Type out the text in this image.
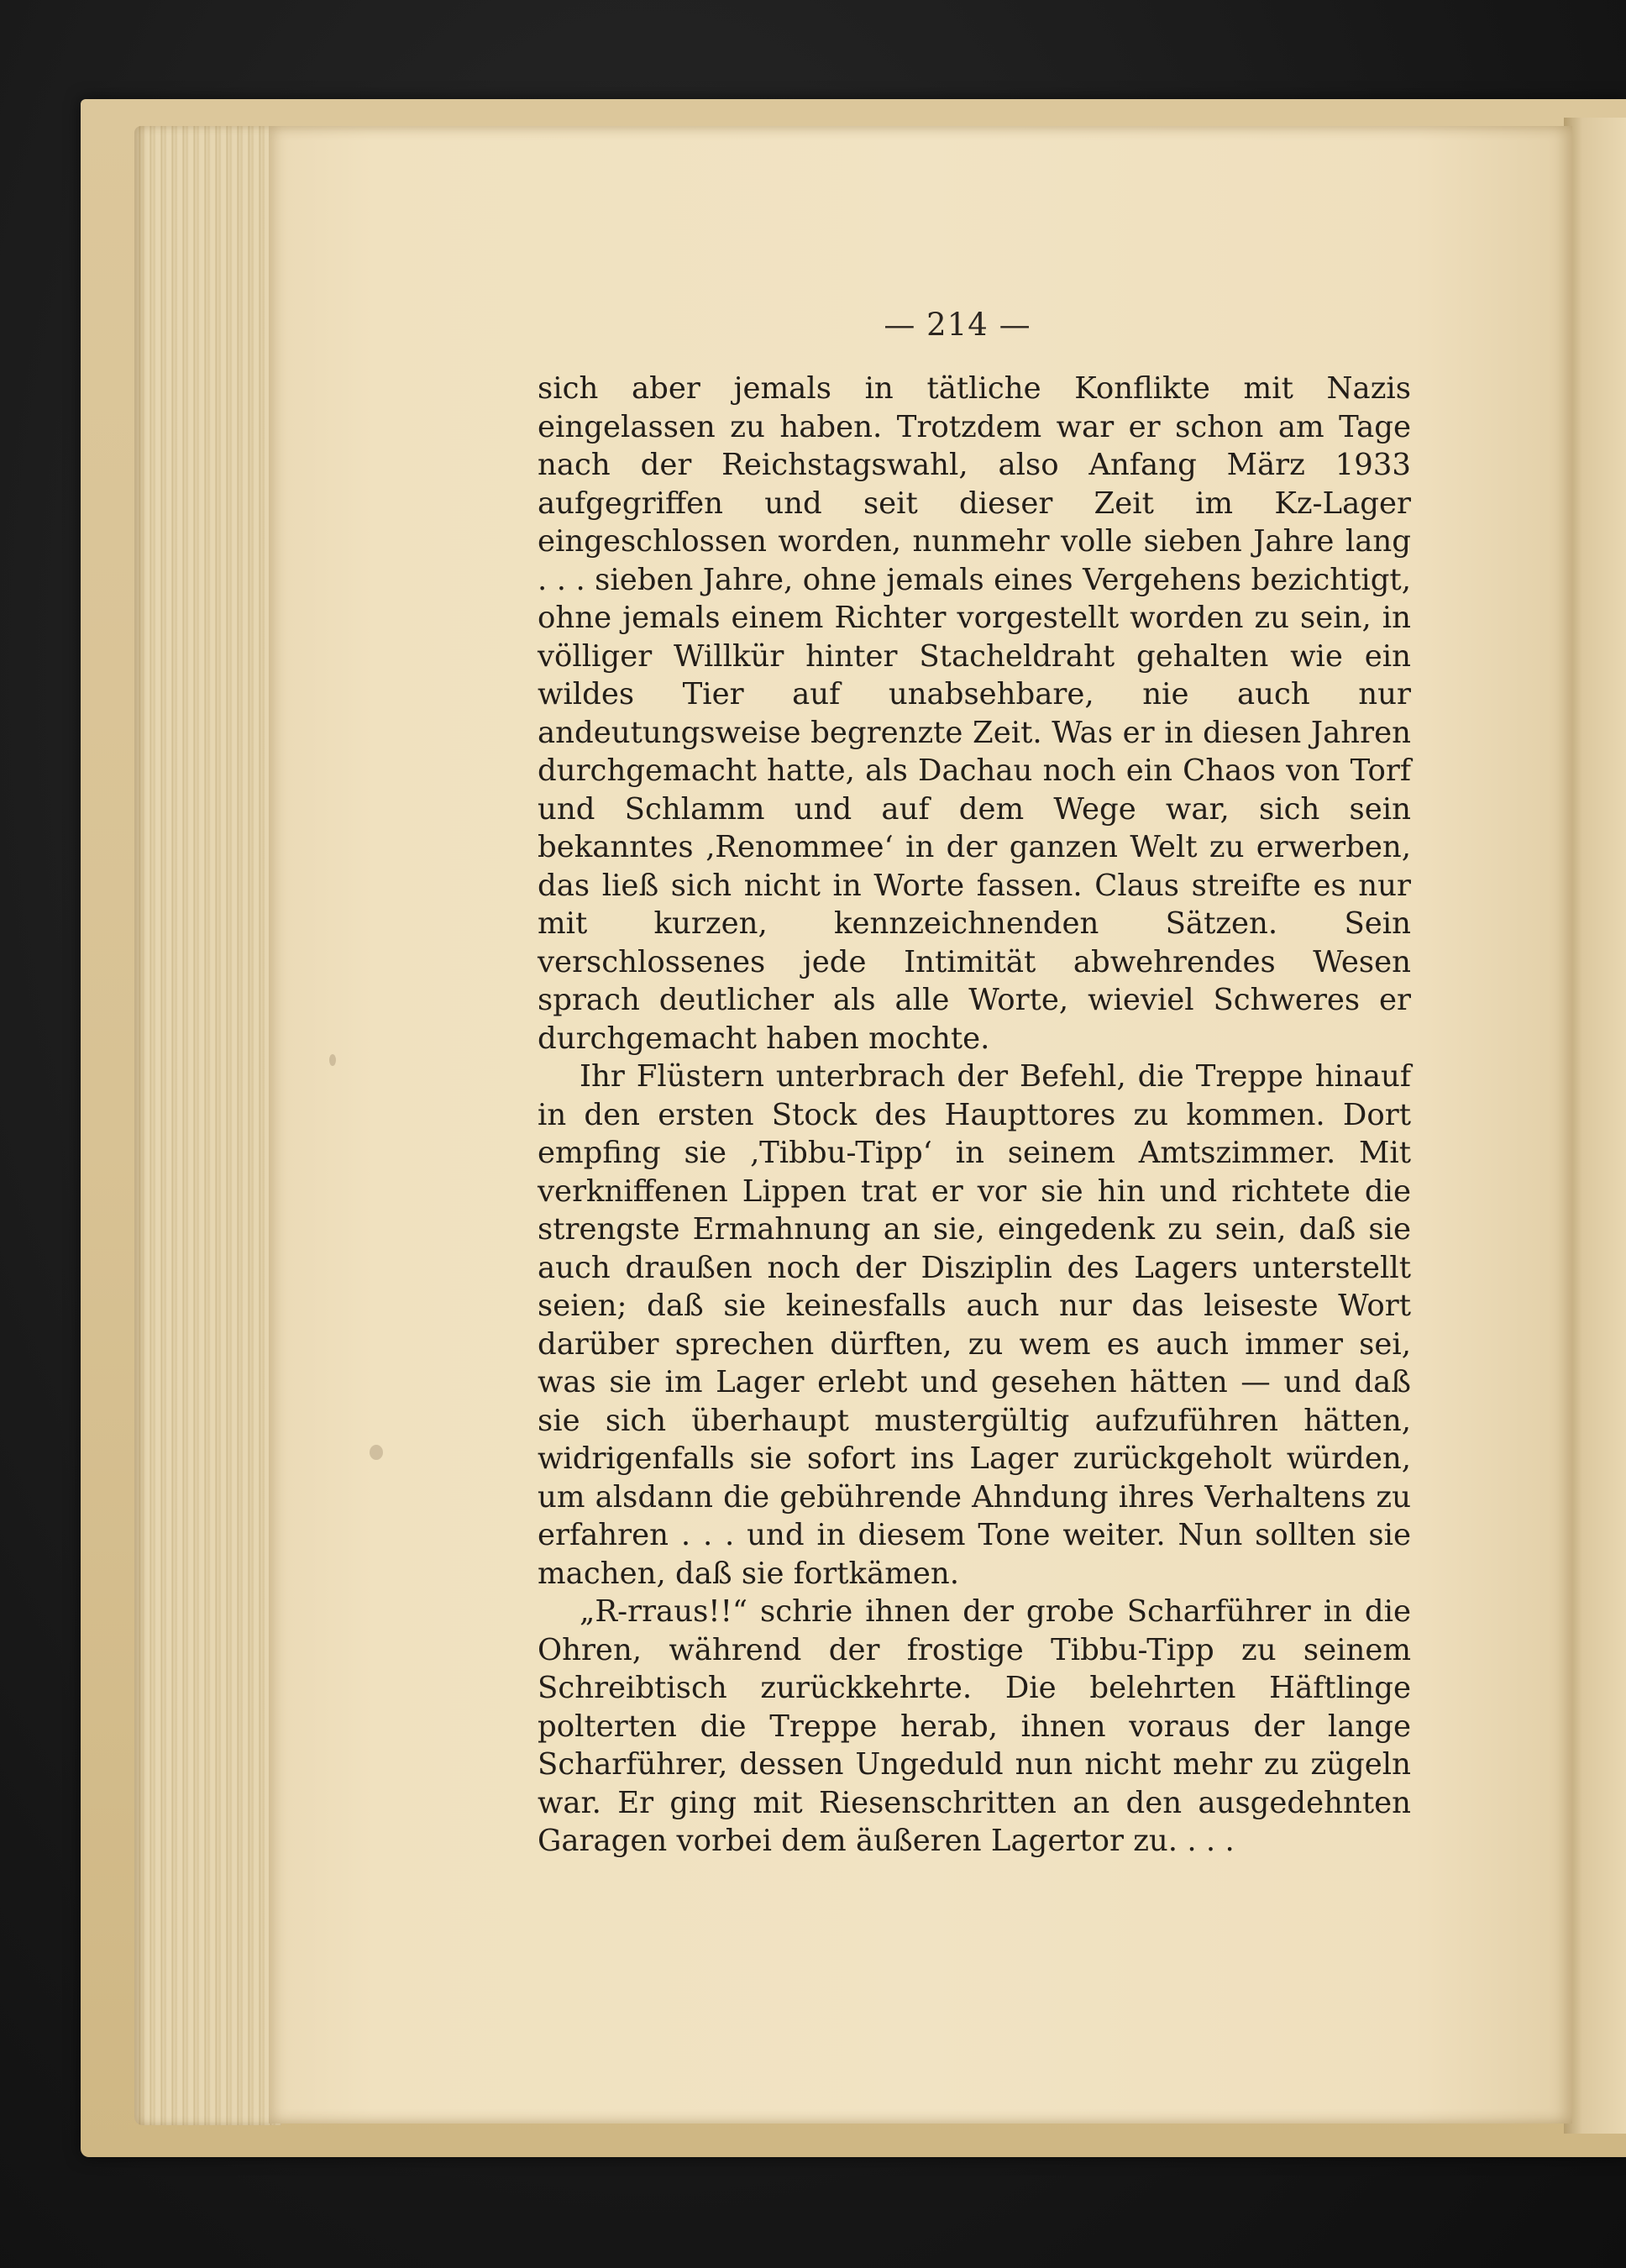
— 214 —

sich aber jemals in tätliche Konflikte mit Nazis eingelassen zu haben. Trotzdem war er schon am Tage nach der Reichstagswahl, also Anfang März 1933 aufgegriffen und seit dieser Zeit im Kz-Lager eingeschlossen worden, nunmehr volle sieben Jahre lang . . . sieben Jahre, ohne jemals eines Vergehens bezichtigt, ohne jemals einem Richter vorgestellt worden zu sein, in völliger Willkür hinter Stacheldraht gehalten wie ein wildes Tier auf unabsehbare, nie auch nur andeutungsweise begrenzte Zeit. Was er in diesen Jahren durchgemacht hatte, als Dachau noch ein Chaos von Torf und Schlamm und auf dem Wege war, sich sein bekanntes ‚Renommee‘ in der ganzen Welt zu erwerben, das ließ sich nicht in Worte fassen. Claus streifte es nur mit kurzen, kennzeichnenden Sätzen. Sein verschlossenes jede Intimität abwehrendes Wesen sprach deutlicher als alle Worte, wieviel Schweres er durchgemacht haben mochte.

Ihr Flüstern unterbrach der Befehl, die Treppe hinauf in den ersten Stock des Haupttores zu kommen. Dort empfing sie ‚Tibbu-Tipp‘ in seinem Amtszimmer. Mit verkniffenen Lippen trat er vor sie hin und richtete die strengste Ermahnung an sie, eingedenk zu sein, daß sie auch draußen noch der Disziplin des Lagers unterstellt seien; daß sie keinesfalls auch nur das leiseste Wort darüber sprechen dürften, zu wem es auch immer sei, was sie im Lager erlebt und gesehen hätten — und daß sie sich überhaupt mustergültig aufzuführen hätten, widrigenfalls sie sofort ins Lager zurückgeholt würden, um alsdann die gebührende Ahndung ihres Verhaltens zu erfahren . . . und in diesem Tone weiter. Nun sollten sie machen, daß sie fortkämen.

„R-rraus!!“ schrie ihnen der grobe Scharführer in die Ohren, während der frostige Tibbu-Tipp zu seinem Schreibtisch zurückkehrte. Die belehrten Häftlinge polterten die Treppe herab, ihnen voraus der lange Scharführer, dessen Ungeduld nun nicht mehr zu zügeln war. Er ging mit Riesenschritten an den ausgedehnten Garagen vorbei dem äußeren Lagertor zu. . . .
